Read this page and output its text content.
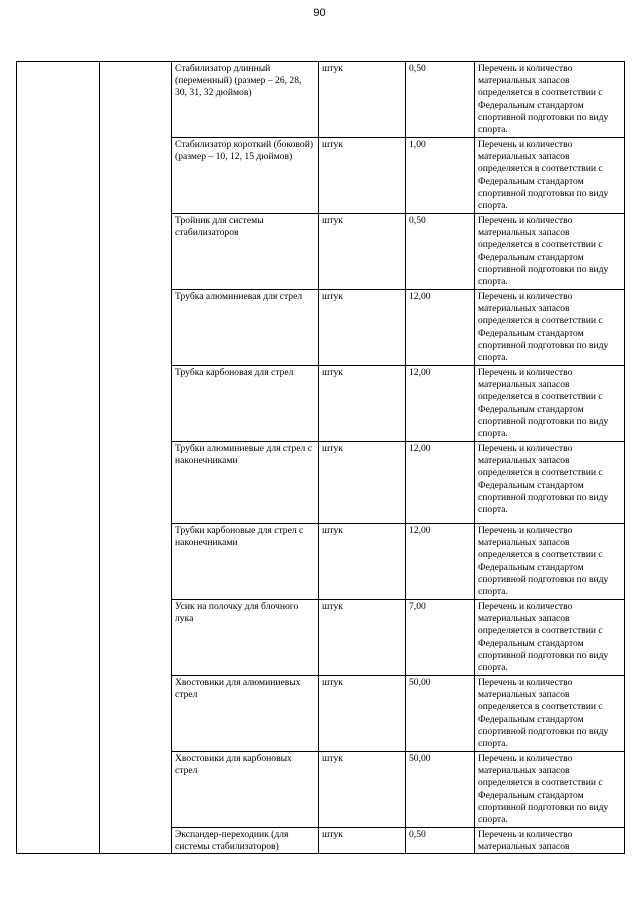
90
		Стабилизатор длинный (переменный) (размер – 26, 28, 30, 31, 32 дюймов)	штук	0,50	Перечень и количество материальных запасов определяется в соответствии с Федеральным стандартом спортивной подготовки по виду спорта.
		Стабилизатор короткий (боковой) (размер – 10, 12, 15 дюймов)	штук	1,00	Перечень и количество материальных запасов определяется в соответствии с Федеральным стандартом спортивной подготовки по виду спорта.
		Тройник для системы стабилизаторов	штук	0,50	Перечень и количество материальных запасов определяется в соответствии с Федеральным стандартом спортивной подготовки по виду спорта.
		Трубка алюминиевая для стрел	штук	12,00	Перечень и количество материальных запасов определяется в соответствии с Федеральным стандартом спортивной подготовки по виду спорта.
		Трубка карбоновая для стрел	штук	12,00	Перечень и количество материальных запасов определяется в соответствии с Федеральным стандартом спортивной подготовки по виду спорта.
		Трубки алюминиевые для стрел с наконечниками	штук	12,00	Перечень и количество материальных запасов определяется в соответствии с Федеральным стандартом спортивной подготовки по виду спорта.
		Трубки карбоновые для стрел с наконечниками	штук	12,00	Перечень и количество материальных запасов определяется в соответствии с Федеральным стандартом спортивной подготовки по виду спорта.
		Усик на полочку для блочного лука	штук	7,00	Перечень и количество материальных запасов определяется в соответствии с Федеральным стандартом спортивной подготовки по виду спорта.
		Хвостовики для алюминиевых стрел	штук	50,00	Перечень и количество материальных запасов определяется в соответствии с Федеральным стандартом спортивной подготовки по виду спорта.
		Хвостовики для карбоновых стрел	штук	50,00	Перечень и количество материальных запасов определяется в соответствии с Федеральным стандартом спортивной подготовки по виду спорта.
		Экспандер-переходник (для системы стабилизаторов)	штук	0,50	Перечень и количество материальных запасов
